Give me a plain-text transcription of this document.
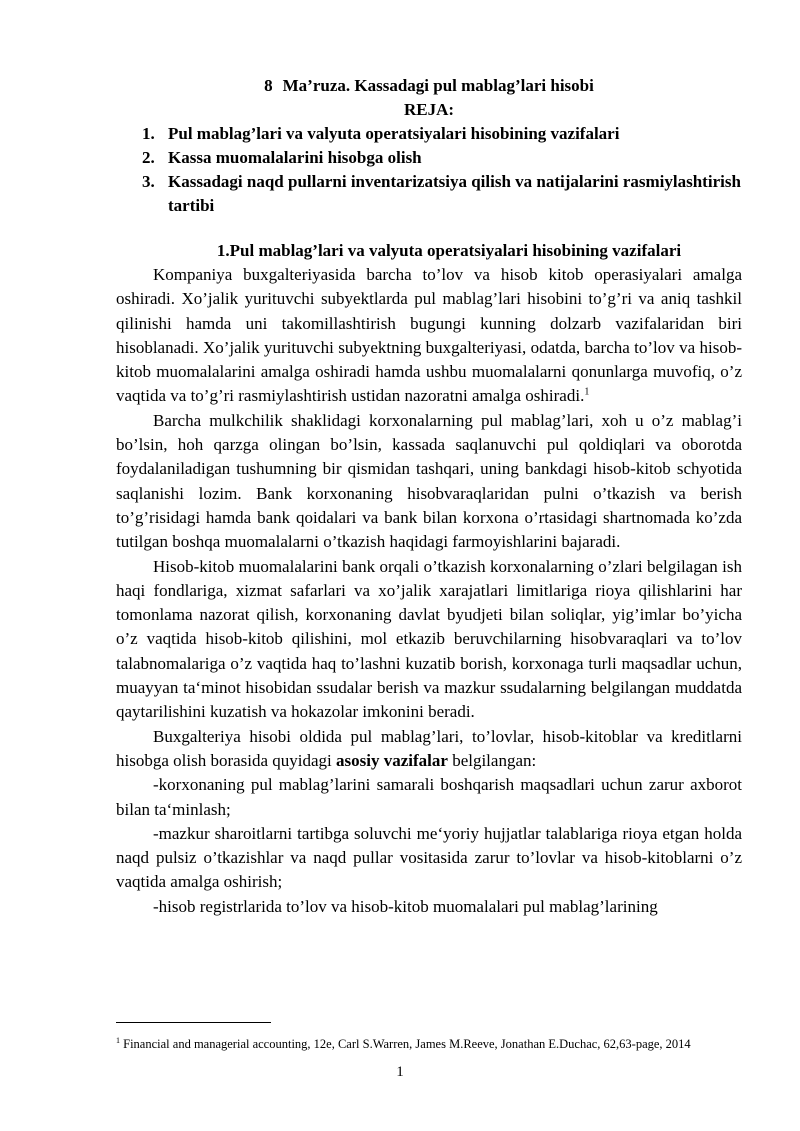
8 Ma’ruza. Kassadagi pul mablag’lari hisobi
REJA:
1. Pul mablag’lari va valyuta operatsiyalari hisobining vazifalari
2. Kassa muomalalarini hisobga olish
3. Kassadagi naqd pullarni inventarizatsiya qilish va natijalarini rasmiylashtirish tartibi
1.Pul mablag’lari va valyuta operatsiyalari hisobining vazifalari

Kompaniya buxgalteriyasida barcha to’lov va hisob kitob operasiyalari amalga oshiradi. Xo’jalik yurituvchi subyektlarda pul mablag’lari hisobini to’g’ri va aniq tashkil qilinishi hamda uni takomillashtirish bugungi kunning dolzarb vazifalaridan biri hisoblanadi. Xo’jalik yurituvchi subyektning buxgalteriyasi, odatda, barcha to’lov va hisob-kitob muomalalarini amalga oshiradi hamda ushbu muomalalarni qonunlarga muvofiq, o’z vaqtida va to’g’ri rasmiylashtirish ustidan nazoratni amalga oshiradi.$^1$

Barcha mulkchilik shaklidagi korxonalarning pul mablag’lari, xoh u o’z mablag’i bo’lsin, hoh qarzga olingan bo’lsin, kassada saqlanuvchi pul qoldiqlari va oborotda foydalaniladigan tushumning bir qismidan tashqari, uning bankdagi hisob-kitob schyotida saqlanishi lozim. Bank korxonaning hisobvaraqlaridan pulni o’tkazish va berish to’g’risidagi hamda bank qoidalari va bank bilan korxona o’rtasidagi shartnomada ko’zda tutilgan boshqa muomalalarni o’tkazish haqidagi farmoyishlarini bajaradi.

Hisob-kitob muomalalarini bank orqali o’tkazish korxonalarning o’zlari belgilagan ish haqi fondlariga, xizmat safarlari va xo’jalik xarajatlari limitlariga rioya qilishlarini har tomonlama nazorat qilish, korxonaning davlat byudjeti bilan soliqlar, yig’imlar bo’yicha o’z vaqtida hisob-kitob qilishini, mol etkazib beruvchilarning hisobvaraqlari va to’lov talabnomalariga o’z vaqtida haq to’lashni kuzatib borish, korxonaga turli maqsadlar uchun, muayyan ta‘minot hisobidan ssudalar berish va mazkur ssudalarning belgilangan muddatda qaytarilishini kuzatish va hokazolar imkonini beradi.

Buxgalteriya hisobi oldida pul mablag’lari, to’lovlar, hisob-kitoblar va kreditlarni hisobga olish borasida quyidagi asosiy vazifalar belgilangan:

-korxonaning pul mablag’larini samarali boshqarish maqsadlari uchun zarur axborot bilan ta‘minlash;

-mazkur sharoitlarni tartibga soluvchi me‘yoriy hujjatlar talablariga rioya etgan holda naqd pulsiz o’tkazishlar va naqd pullar vositasida zarur to’lovlar va hisob-kitoblarni o’z vaqtida amalga oshirish;

-hisob registrlarida to’lov va hisob-kitob muomalalari pul mablag’larining

$^1$ Financial and managerial accounting, 12e, Carl S.Warren, James M.Reeve, Jonathan E.Duchac, 62,63-page, 2014
1
